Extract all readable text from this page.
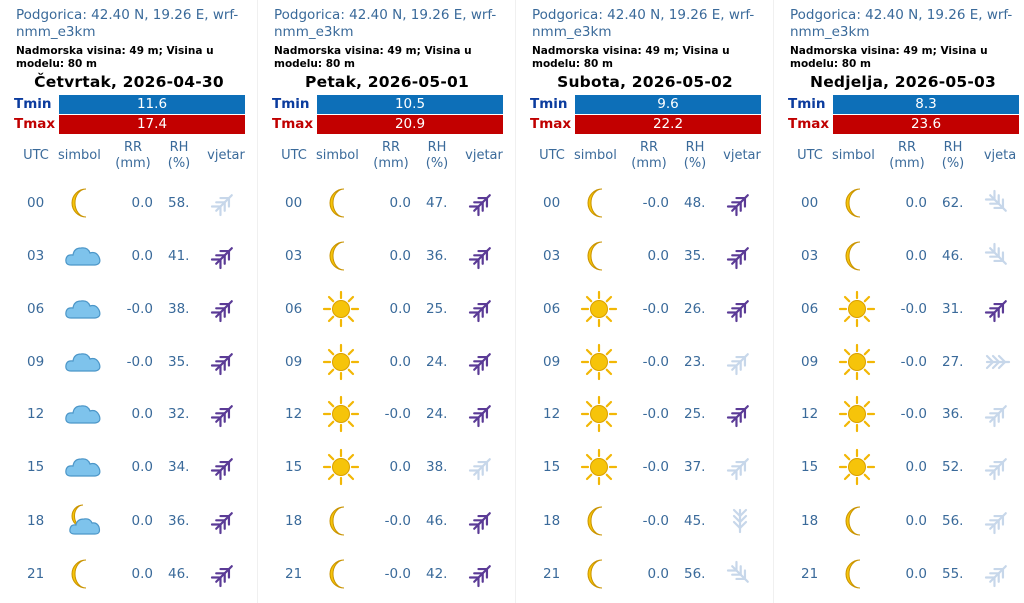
Podgorica: 42.40 N, 19.26 E, wrf-nmm_e3km
Nadmorska visina: 49 m; Visina u modelu: 80 m
Četvrtak, 2026-04-30
Tmin	11.6
Tmax	17.4
UTC simbol
RR
(mm)
RH
(%)
vjetar
00	0.0 58.
03	0.0 41.
06	-0.0 38.
09	-0.0 35.
12	0.0 32.
15	0.0 34.
18	0.0 36.
21	0.0 46.
Podgorica: 42.40 N, 19.26 E, wrf-nmm_e3km
Nadmorska visina: 49 m; Visina u modelu: 80 m
Petak, 2026-05-01
Tmin	10.5
Tmax	20.9
UTC simbol
RR
(mm)
RH
(%)
vjetar
00	0.0 47.
03	0.0 36.
06	0.0 25.
09	0.0 24.
12	-0.0 24.
15	0.0 38.
18	-0.0 46.
21	-0.0 42.
Podgorica: 42.40 N, 19.26 E, wrf-nmm_e3km
Nadmorska visina: 49 m; Visina u modelu: 80 m
Subota, 2026-05-02
Tmin	9.6
Tmax	22.2
UTC simbol
RR
(mm)
RH
(%)
vjetar
00	-0.0 48.
03	0.0 35.
06	-0.0 26.
09	-0.0 23.
12	-0.0 25.
15	-0.0 37.
18	-0.0 45.
21	0.0 56.
Podgorica: 42.40 N, 19.26 E, wrf-nmm_e3km
Nadmorska visina: 49 m; Visina u modelu: 80 m
Nedjelja, 2026-05-03
Tmin	8.3
Tmax	23.6
UTC simbol
RR
(mm)
RH
(%)
vjeta
00	0.0 62.
03	0.0 46.
06	-0.0 31.
09	-0.0 27.
12	-0.0 36.
15	0.0 52.
18	0.0 56.
21	0.0 55.
